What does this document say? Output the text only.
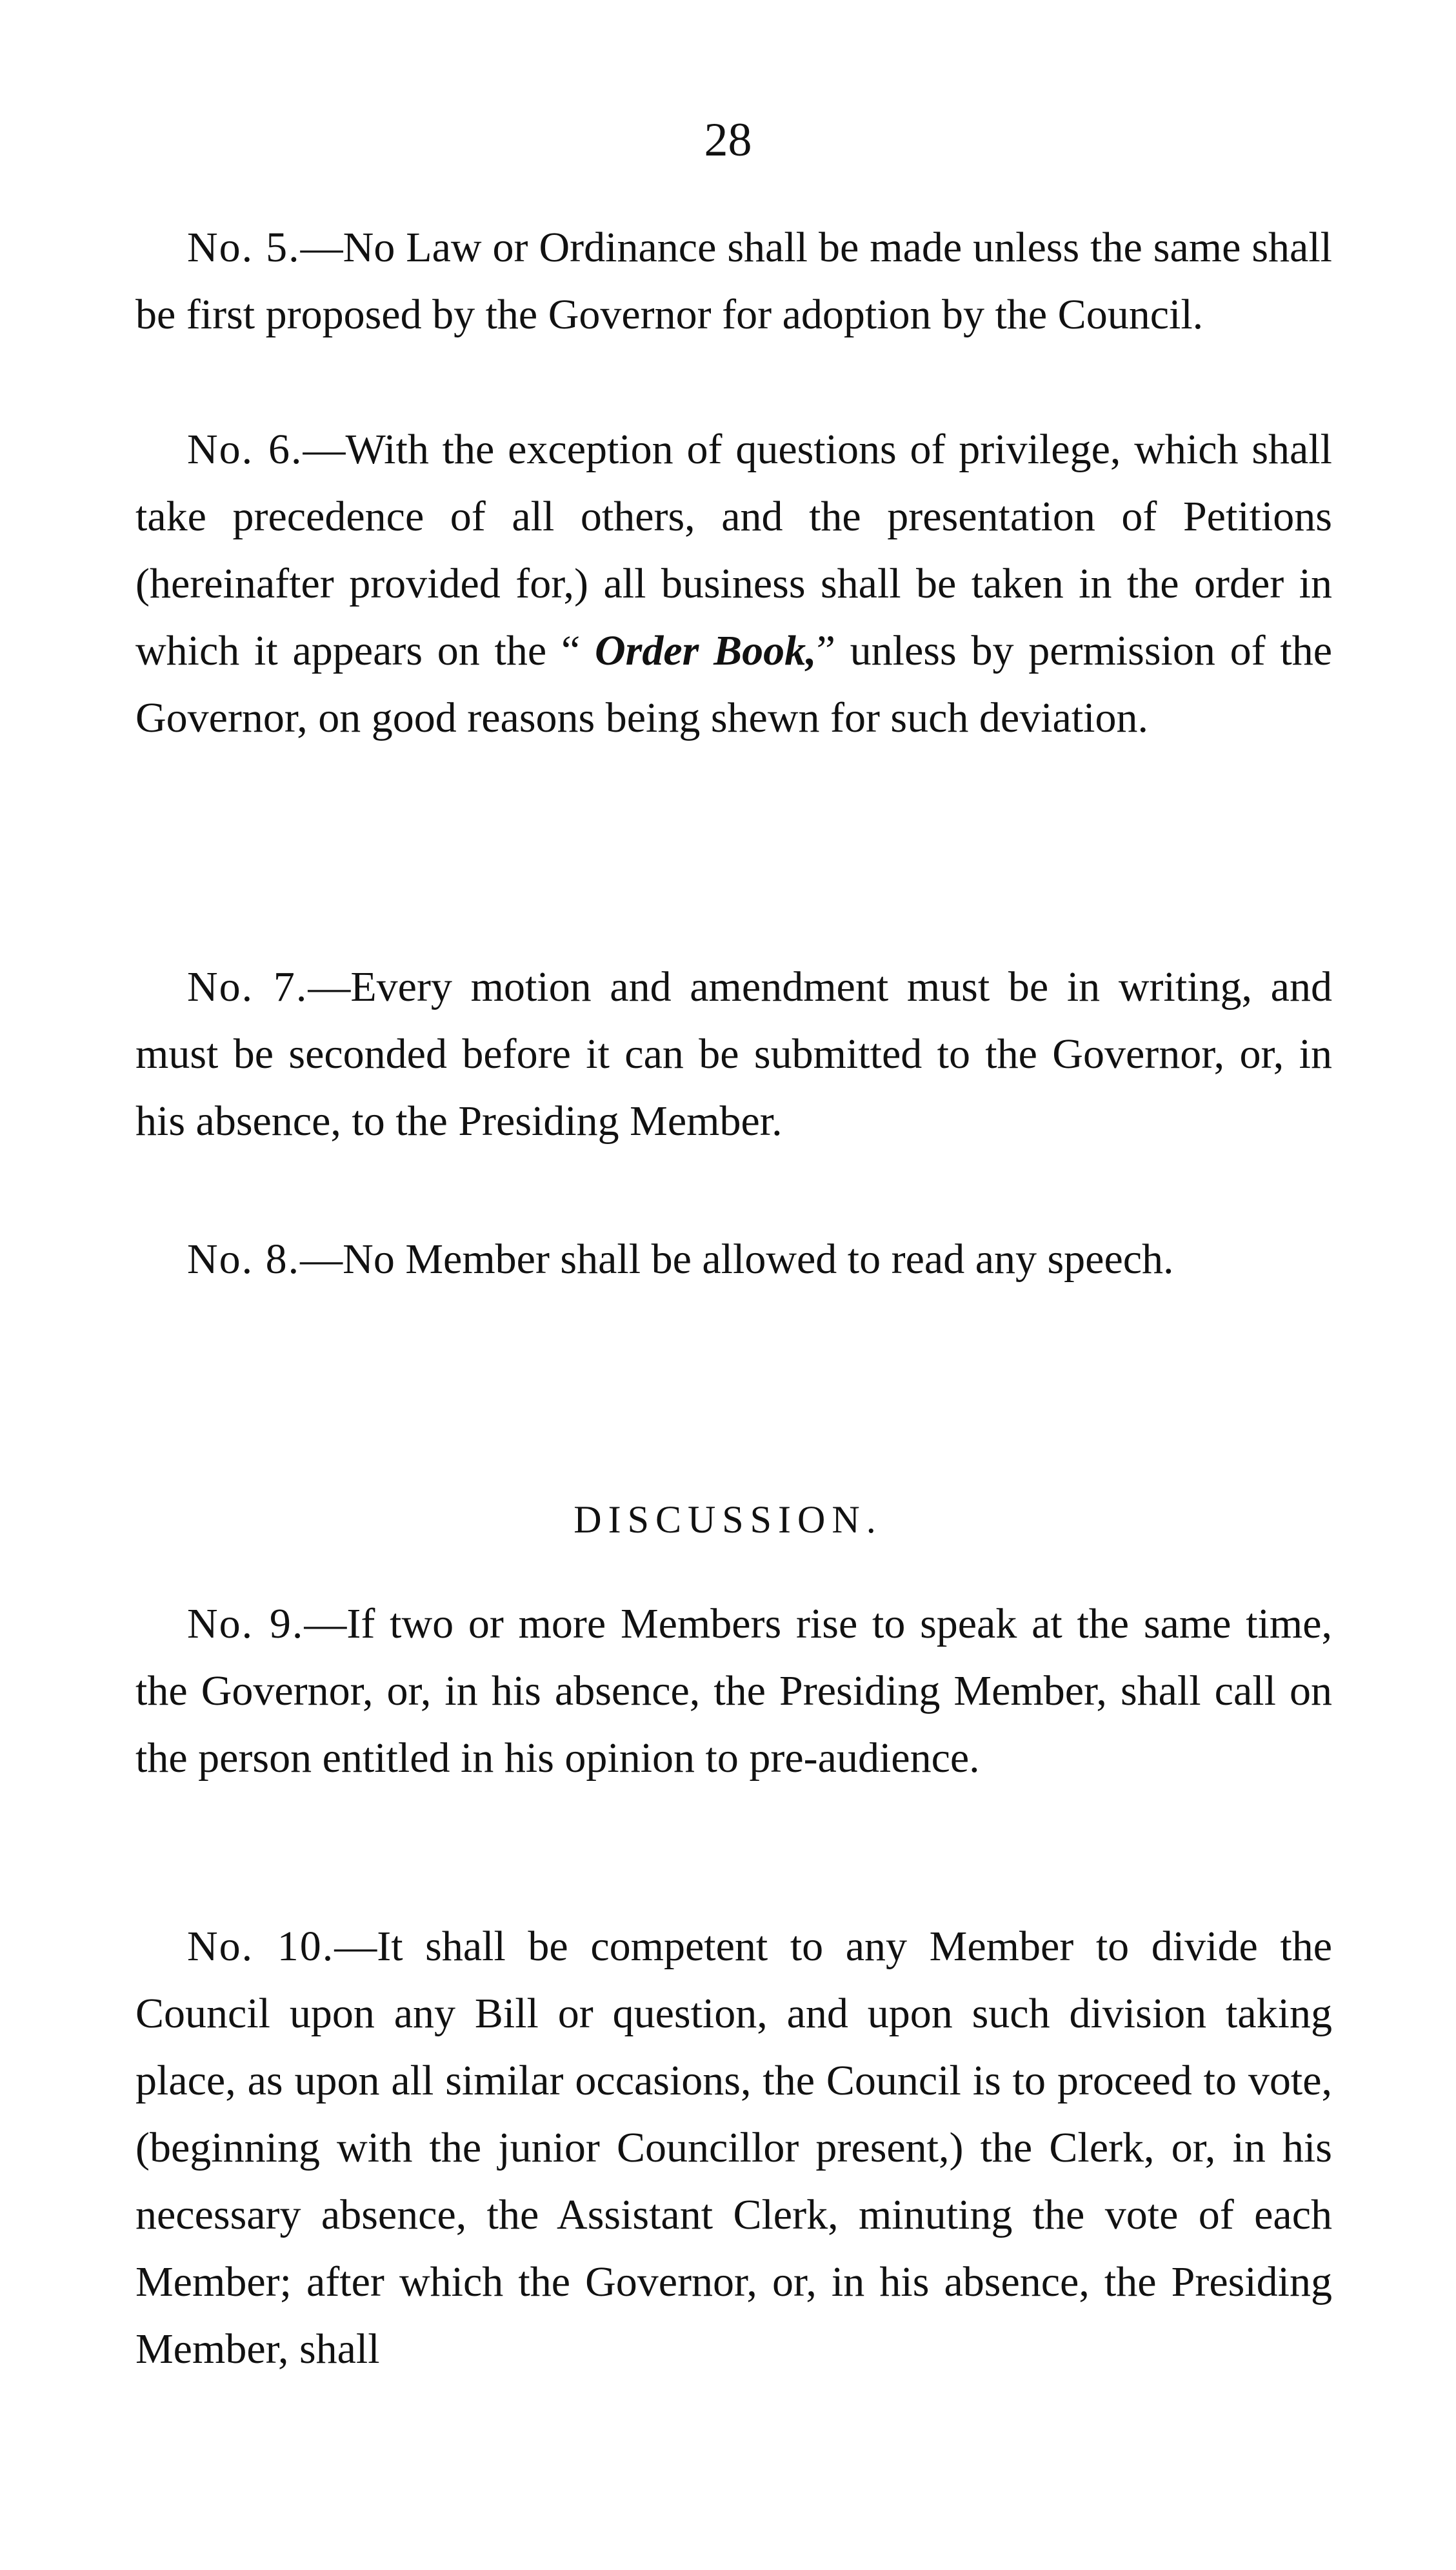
28

No. 5.—No Law or Ordinance shall be made unless the same shall be first proposed by the Governor for adoption by the Council.

No. 6.—With the exception of questions of privilege, which shall take precedence of all others, and the presentation of Petitions (hereinafter provided for,) all business shall be taken in the order in which it appears on the “ Order Book,” unless by permission of the Governor, on good reasons being shewn for such deviation.

No. 7.—Every motion and amendment must be in writing, and must be seconded before it can be submitted to the Governor, or, in his absence, to the Presiding Member.

No. 8.—No Member shall be allowed to read any speech.

DISCUSSION.

No. 9.—If two or more Members rise to speak at the same time, the Governor, or, in his absence, the Presiding Member, shall call on the person entitled in his opinion to pre-audience.

No. 10.—It shall be competent to any Member to divide the Council upon any Bill or question, and upon such division taking place, as upon all similar occasions, the Council is to proceed to vote, (beginning with the junior Councillor present,) the Clerk, or, in his necessary absence, the Assistant Clerk, minuting the vote of each Member; after which the Governor, or, in his absence, the Presiding Member, shall
